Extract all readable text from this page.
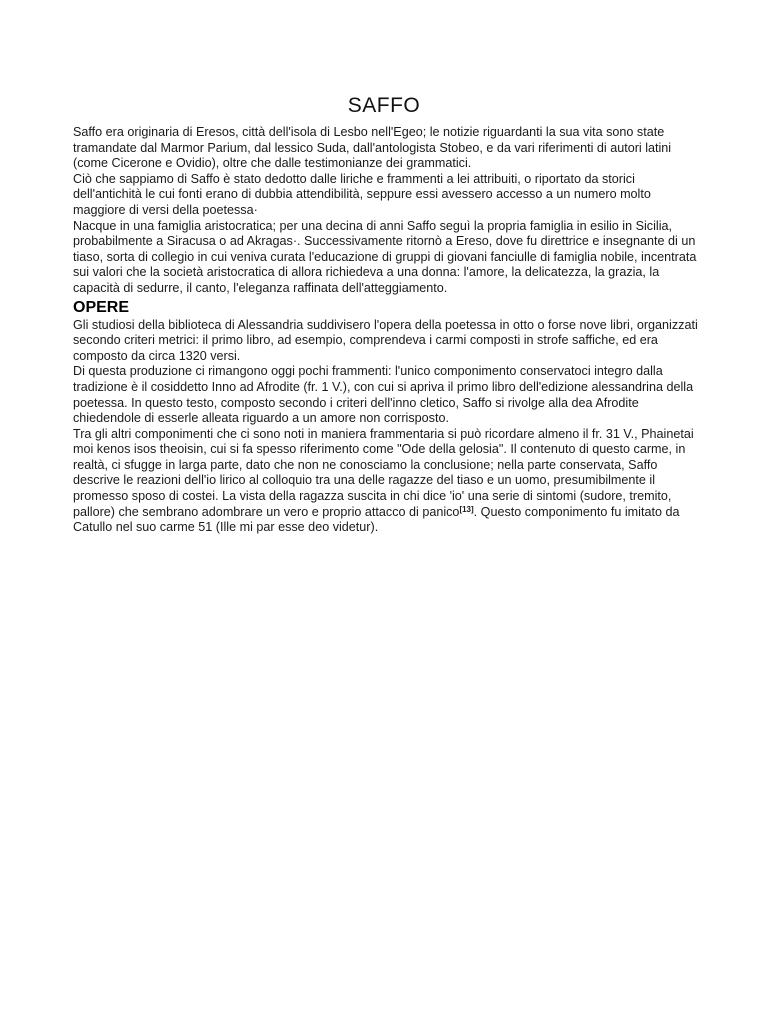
SAFFO

Saffo era originaria di Eresos, città dell'isola di Lesbo nell'Egeo; le notizie riguardanti la sua vita sono state tramandate dal Marmor Parium, dal lessico Suda, dall'antologista Stobeo, e da vari riferimenti di autori latini (come Cicerone e Ovidio), oltre che dalle testimonianze dei grammatici.

Ciò che sappiamo di Saffo è stato dedotto dalle liriche e frammenti a lei attribuiti, o riportato da storici dell'antichità le cui fonti erano di dubbia attendibilità, seppure essi avessero accesso a un numero molto maggiore di versi della poetessa·

Nacque in una famiglia aristocratica; per una decina di anni Saffo seguì la propria famiglia in esilio in Sicilia, probabilmente a Siracusa o ad Akragas·. Successivamente ritornò a Ereso, dove fu direttrice e insegnante di un tiaso, sorta di collegio in cui veniva curata l'educazione di gruppi di giovani fanciulle di famiglia nobile, incentrata sui valori che la società aristocratica di allora richiedeva a una donna: l'amore, la delicatezza, la grazia, la capacità di sedurre, il canto, l'eleganza raffinata dell'atteggiamento.

OPERE

Gli studiosi della biblioteca di Alessandria suddivisero l'opera della poetessa in otto o forse nove libri, organizzati secondo criteri metrici: il primo libro, ad esempio, comprendeva i carmi composti in strofe saffiche, ed era composto da circa 1320 versi.

Di questa produzione ci rimangono oggi pochi frammenti: l'unico componimento conservatoci integro dalla tradizione è il cosiddetto Inno ad Afrodite (fr. 1 V.), con cui si apriva il primo libro dell'edizione alessandrina della poetessa. In questo testo, composto secondo i criteri dell'inno cletico, Saffo si rivolge alla dea Afrodite chiedendole di esserle alleata riguardo a un amore non corrisposto.

Tra gli altri componimenti che ci sono noti in maniera frammentaria si può ricordare almeno il fr. 31 V., Phainetai moi kenos isos theoisin, cui si fa spesso riferimento come "Ode della gelosia". Il contenuto di questo carme, in realtà, ci sfugge in larga parte, dato che non ne conosciamo la conclusione; nella parte conservata, Saffo descrive le reazioni dell'io lirico al colloquio tra una delle ragazze del tiaso e un uomo, presumibilmente il promesso sposo di costei. La vista della ragazza suscita in chi dice 'io' una serie di sintomi (sudore, tremito, pallore) che sembrano adombrare un vero e proprio attacco di panico[13]. Questo componimento fu imitato da Catullo nel suo carme 51 (Ille mi par esse deo videtur).
